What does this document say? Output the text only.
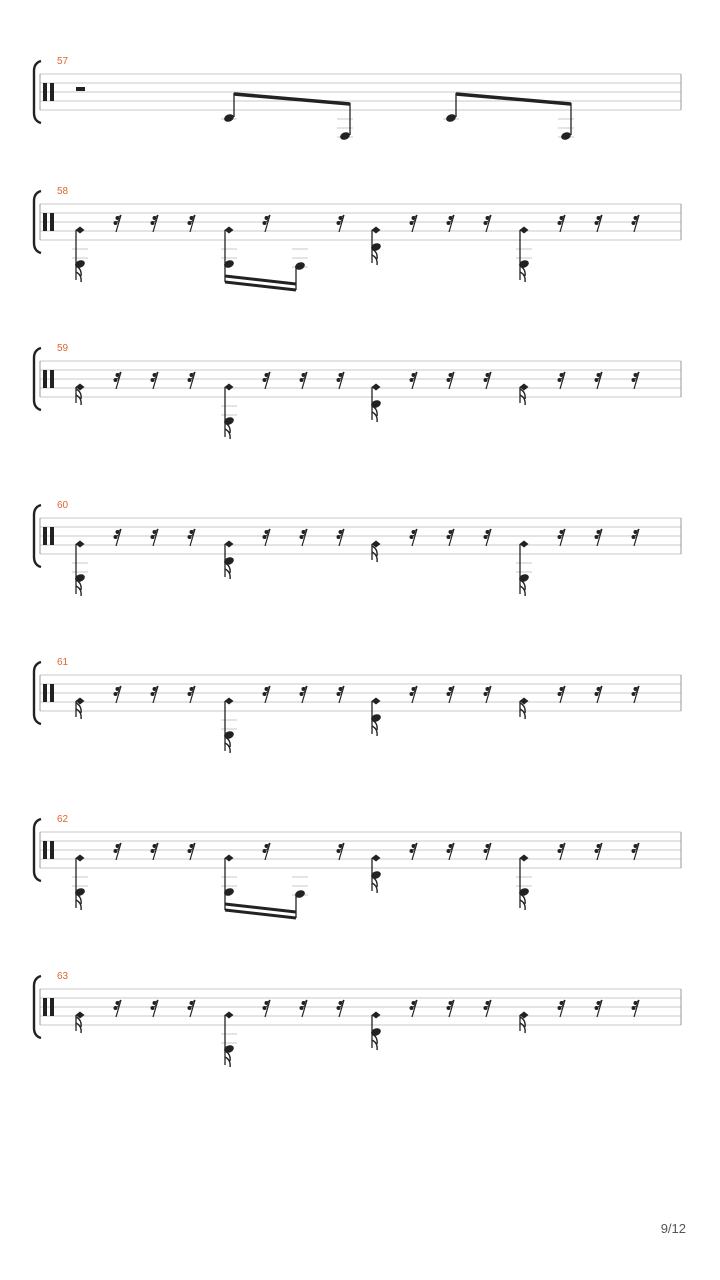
57
58
59
60
61
62
63
9/12
